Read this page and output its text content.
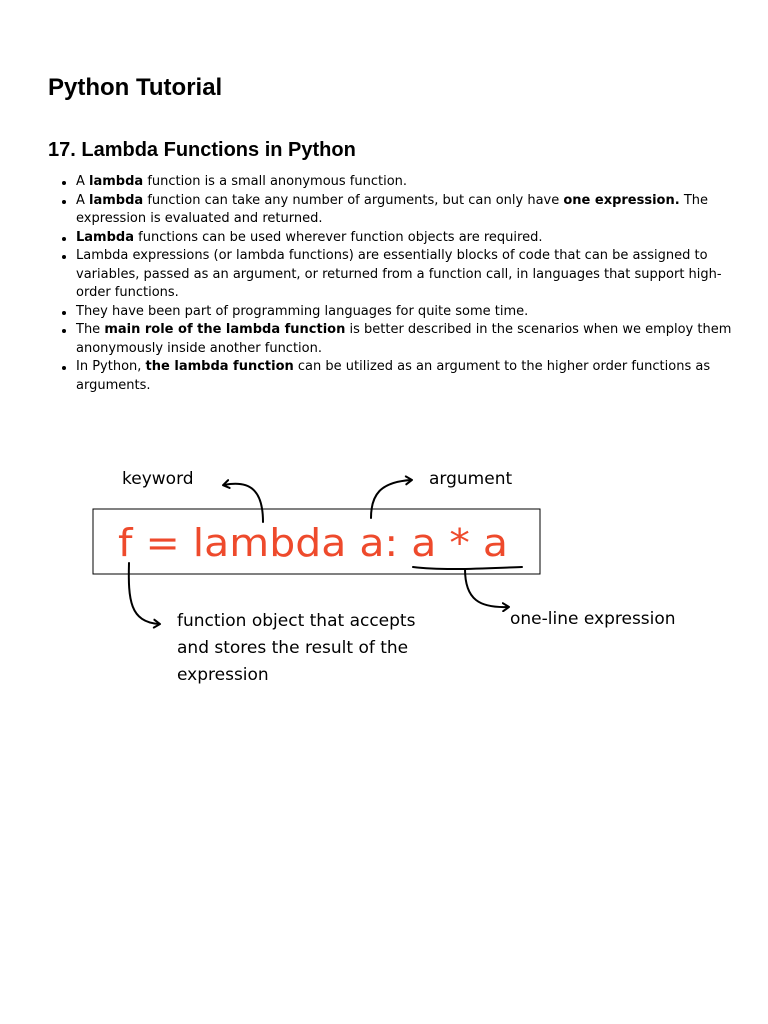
Python Tutorial
17. Lambda Functions in Python
A lambda function is a small anonymous function.
A lambda function can take any number of arguments, but can only have one expression. The expression is evaluated and returned.
Lambda functions can be used wherever function objects are required.
Lambda expressions (or lambda functions) are essentially blocks of code that can be assigned to variables, passed as an argument, or returned from a function call, in languages that support high-order functions.
They have been part of programming languages for quite some time.
The main role of the lambda function is better described in the scenarios when we employ them anonymously inside another function.
In Python, the lambda function can be utilized as an argument to the higher order functions as arguments.
keyword	argument
f = lambda a: a * a
one-line expression
function object that accepts
and stores the result of the
expression
